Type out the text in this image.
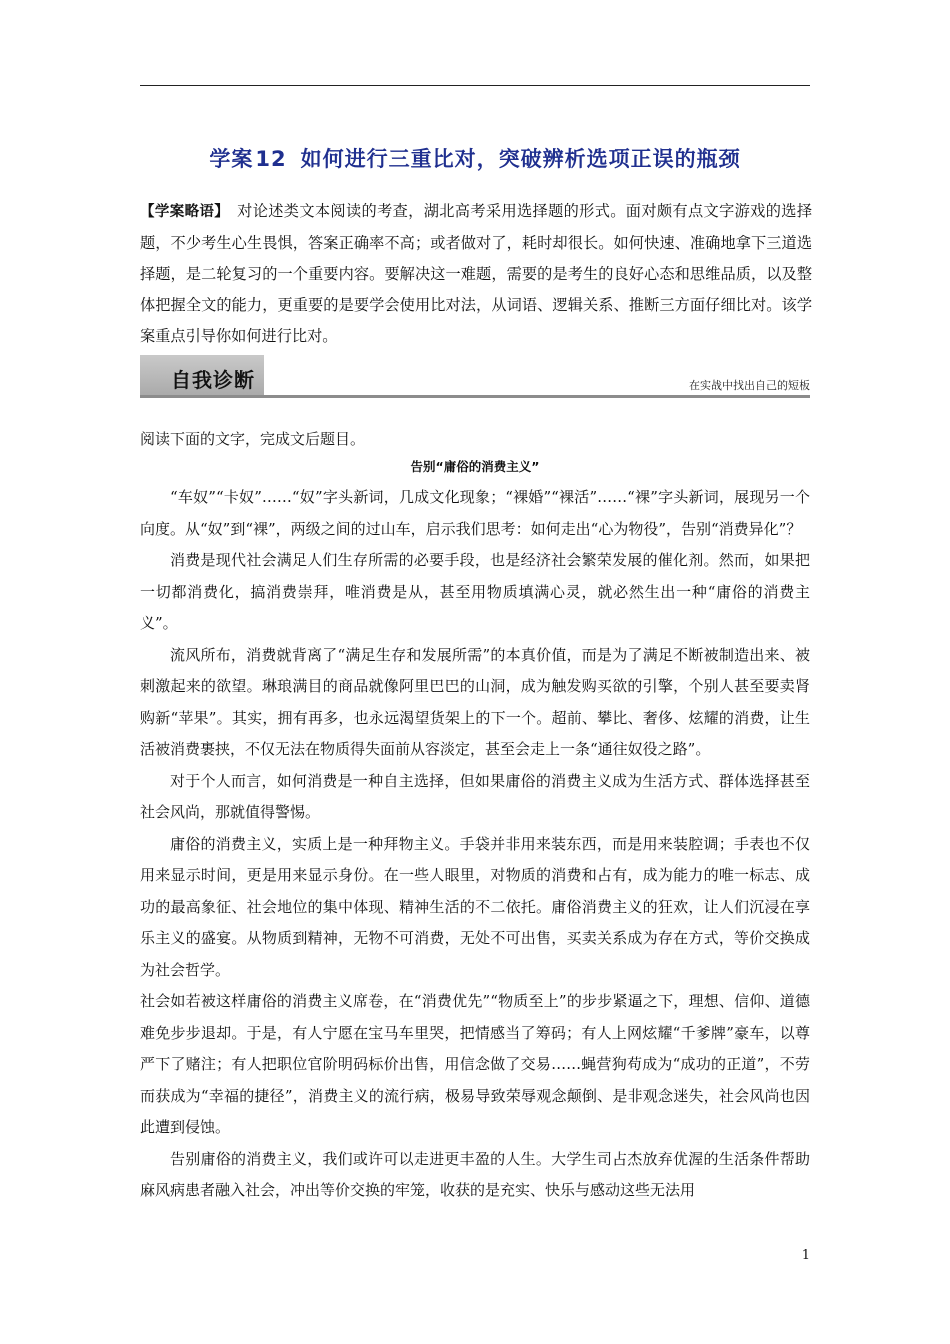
学案12 如何进行三重比对，突破辨析选项正误的瓶颈
【学案略语】 对论述类文本阅读的考查，湖北高考采用选择题的形式。面对颇有点文字游戏的选择题，不少考生心生畏惧，答案正确率不高；或者做对了，耗时却很长。如何快速、准确地拿下三道选择题，是二轮复习的一个重要内容。要解决这一难题，需要的是考生的良好心态和思维品质，以及整体把握全文的能力，更重要的是要学会使用比对法，从词语、逻辑关系、推断三方面仔细比对。该学案重点引导你如何进行比对。
自我诊断	在实战中找出自己的短板
阅读下面的文字，完成文后题目。
告别“庸俗的消费主义”

“车奴”“卡奴”……“奴”字头新词，几成文化现象；“裸婚”“裸活”……“裸”字头新词，展现另一个向度。从“奴”到“裸”，两级之间的过山车，启示我们思考：如何走出“心为物役”，告别“消费异化”？

消费是现代社会满足人们生存所需的必要手段，也是经济社会繁荣发展的催化剂。然而，如果把一切都消费化，搞消费崇拜，唯消费是从，甚至用物质填满心灵，就必然生出一种“庸俗的消费主义”。

流风所布，消费就背离了“满足生存和发展所需”的本真价值，而是为了满足不断被制造出来、被刺激起来的欲望。琳琅满目的商品就像阿里巴巴的山洞，成为触发购买欲的引擎，个别人甚至要卖肾购新“苹果”。其实，拥有再多，也永远渴望货架上的下一个。超前、攀比、奢侈、炫耀的消费，让生活被消费裹挟，不仅无法在物质得失面前从容淡定，甚至会走上一条“通往奴役之路”。

对于个人而言，如何消费是一种自主选择，但如果庸俗的消费主义成为生活方式、群体选择甚至社会风尚，那就值得警惕。

庸俗的消费主义，实质上是一种拜物主义。手袋并非用来装东西，而是用来装腔调；手表也不仅用来显示时间，更是用来显示身份。在一些人眼里，对物质的消费和占有，成为能力的唯一标志、成功的最高象征、社会地位的集中体现、精神生活的不二依托。庸俗消费主义的狂欢，让人们沉浸在享乐主义的盛宴。从物质到精神，无物不可消费，无处不可出售，买卖关系成为存在方式，等价交换成为社会哲学。

社会如若被这样庸俗的消费主义席卷，在“消费优先”“物质至上”的步步紧逼之下，理想、信仰、道德难免步步退却。于是，有人宁愿在宝马车里哭，把情感当了筹码；有人上网炫耀“千爹牌”豪车，以尊严下了赌注；有人把职位官阶明码标价出售，用信念做了交易……蝇营狗苟成为“成功的正道”，不劳而获成为“幸福的捷径”，消费主义的流行病，极易导致荣辱观念颠倒、是非观念迷失，社会风尚也因此遭到侵蚀。

告别庸俗的消费主义，我们或许可以走进更丰盈的人生。大学生司占杰放弃优渥的生活条件帮助麻风病患者融入社会，冲出等价交换的牢笼，收获的是充实、快乐与感动这些无法用

1
